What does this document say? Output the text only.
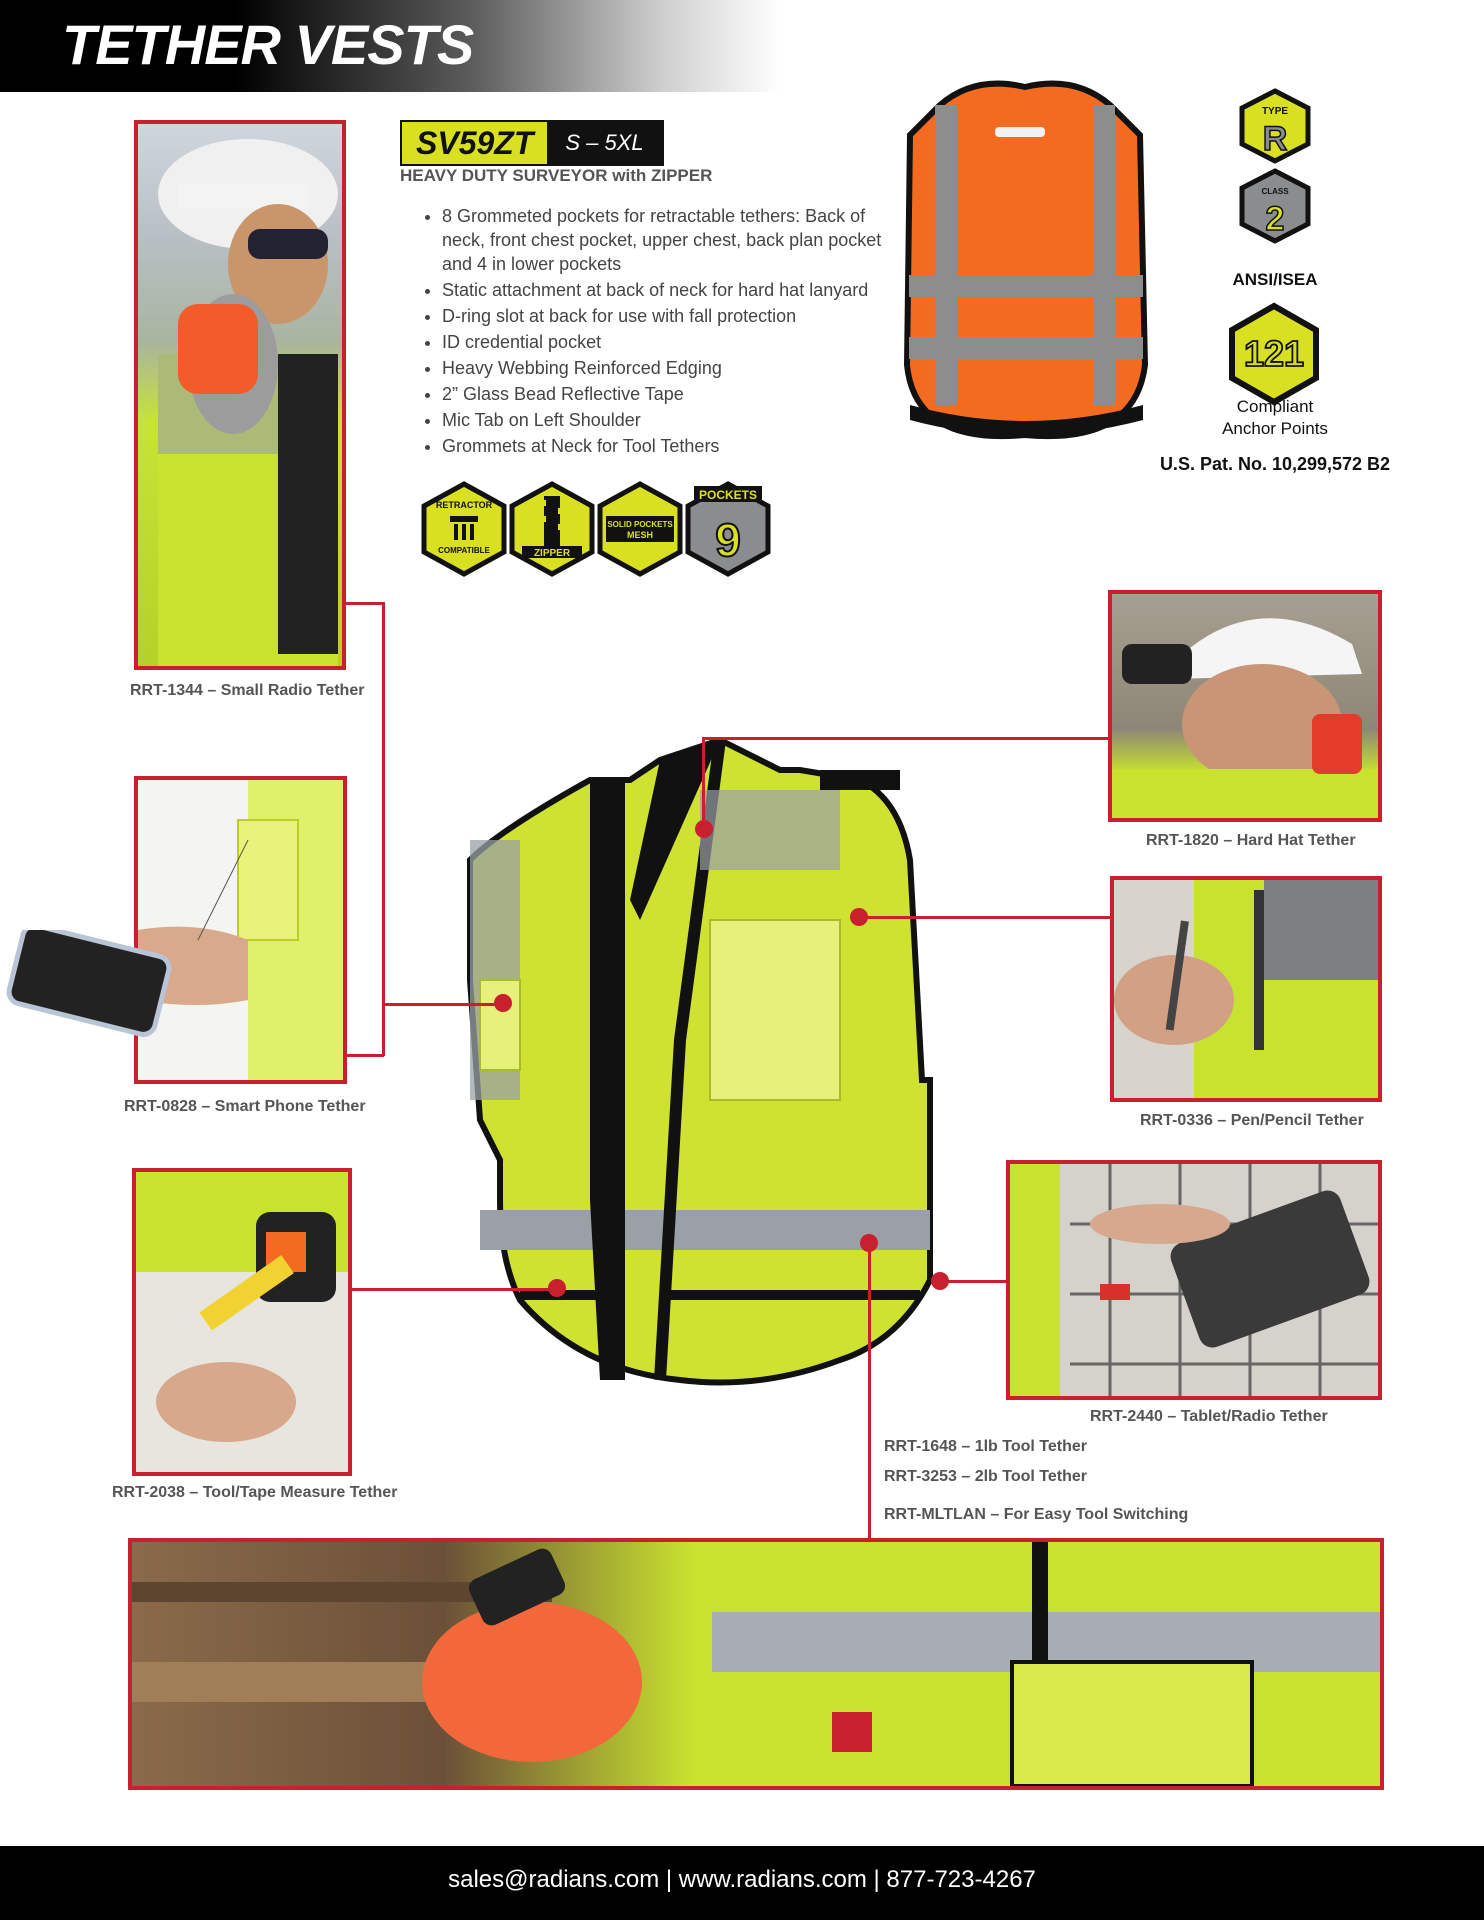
TETHER VESTS
SV59ZT	S – 5XL
HEAVY DUTY SURVEYOR with ZIPPER
• 8 Grommeted pockets for retractable tethers: Back of neck, front chest pocket, upper chest, back plan pocket and 4 in lower pockets
• Static attachment at back of neck for hard hat lanyard
• D-ring slot at back for use with fall protection
• ID credential pocket
• Heavy Webbing Reinforced Edging
• 2” Glass Bead Reflective Tape
• Mic Tab on Left Shoulder
• Grommets at Neck for Tool Tethers
RETRACTOR
COMPATIBLE	ZIPPER
SOLID POCKETS
MESH
POCKETS
9
TYPE
R
CLASS
2
ANSI/ISEA
121
Compliant
Anchor Points
U.S. Pat. No. 10,299,572 B2
RRT-1344 – Small Radio Tether
RRT-0828 – Smart Phone Tether
RRT-2038 – Tool/Tape Measure Tether
RRT-1820 – Hard Hat Tether
RRT-0336 – Pen/Pencil Tether
RRT-2440 – Tablet/Radio Tether
RRT-1648 – 1lb Tool Tether
RRT-3253 – 2lb Tool Tether
RRT-MLTLAN – For Easy Tool Switching
sales@radians.com | www.radians.com | 877-723-4267
